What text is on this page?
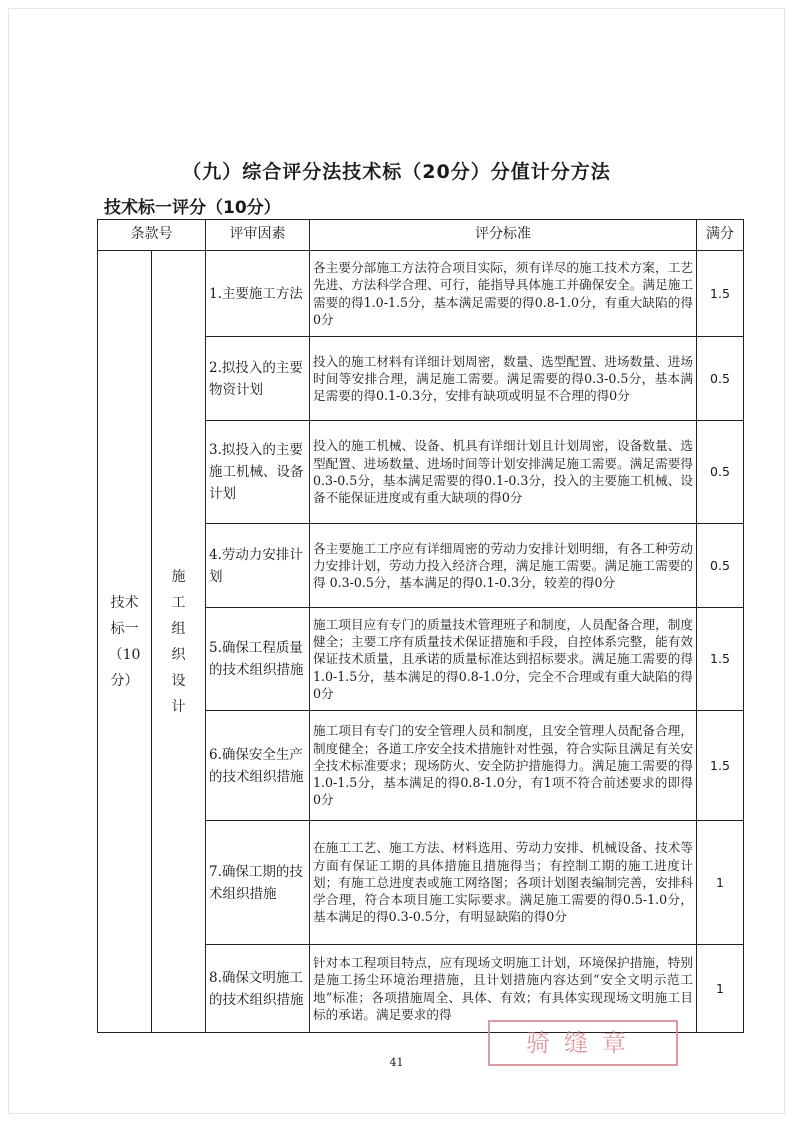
（九）综合评分法技术标（20分）分值计分方法
技术标一评分（10分）
条款号		评审因素	评分标准	满分

技术标一（10分）	施工组织设计	1.主要施工方法	各主要分部施工方法符合项目实际，须有详尽的施工技术方案，工艺先进、方法科学合理、可行，能指导具体施工并确保安全。满足施工需要的得1.0-1.5分，基本满足需要的得0.8-1.0分，有重大缺陷的得0分	1.5
		2.拟投入的主要物资计划	投入的施工材料有详细计划周密，数量、选型配置、进场数量、进场时间等安排合理，满足施工需要。满足需要的得0.3-0.5分，基本满足需要的得0.1-0.3分，安排有缺项或明显不合理的得0分	0.5
		3.拟投入的主要施工机械、设备计划	投入的施工机械、设备、机具有详细计划且计划周密，设备数量、选型配置、进场数量、进场时间等计划安排满足施工需要。满足需要得 0.3-0.5分，基本满足需要的得0.1-0.3分，投入的主要施工机械、设备不能保证进度或有重大缺项的得0分	0.5
		4.劳动力安排计划	各主要施工工序应有详细周密的劳动力安排计划明细，有各工种劳动力安排计划，劳动力投入经济合理，满足施工需要。满足施工需要的得 0.3-0.5分，基本满足的得0.1-0.3分，较差的得0分	0.5
		5.确保工程质量的技术组织措施	施工项目应有专门的质量技术管理班子和制度，人员配备合理，制度健全；主要工序有质量技术保证措施和手段，自控体系完整，能有效保证技术质量，且承诺的质量标准达到招标要求。满足施工需要的得1.0-1.5分，基本满足的得0.8-1.0分，完全不合理或有重大缺陷的得0分	1.5
		6.确保安全生产的技术组织措施	施工项目有专门的安全管理人员和制度，且安全管理人员配备合理，制度健全；各道工序安全技术措施针对性强，符合实际且满足有关安全技术标准要求；现场防火、安全防护措施得力。满足施工需要的得1.0-1.5分，基本满足的得0.8-1.0分，有1项不符合前述要求的即得0分	1.5
		7.确保工期的技术组织措施	在施工工艺、施工方法、材料选用、劳动力安排、机械设备、技术等方面有保证工期的具体措施且措施得当；有控制工期的施工进度计划；有施工总进度表或施工网络图；各项计划图表编制完善，安排科学合理，符合本项目施工实际要求。满足施工需要的得0.5-1.0分，基本满足的得0.3-0.5分，有明显缺陷的得0分	1
		8.确保文明施工的技术组织措施	针对本工程项目特点，应有现场文明施工计划，环境保护措施，特别是施工扬尘环境治理措施，且计划措施内容达到“安全文明示范工地”标准；各项措施周全、具体、有效；有具体实现现场文明施工目标的承诺。满足要求的得	1
骑缝章
41
